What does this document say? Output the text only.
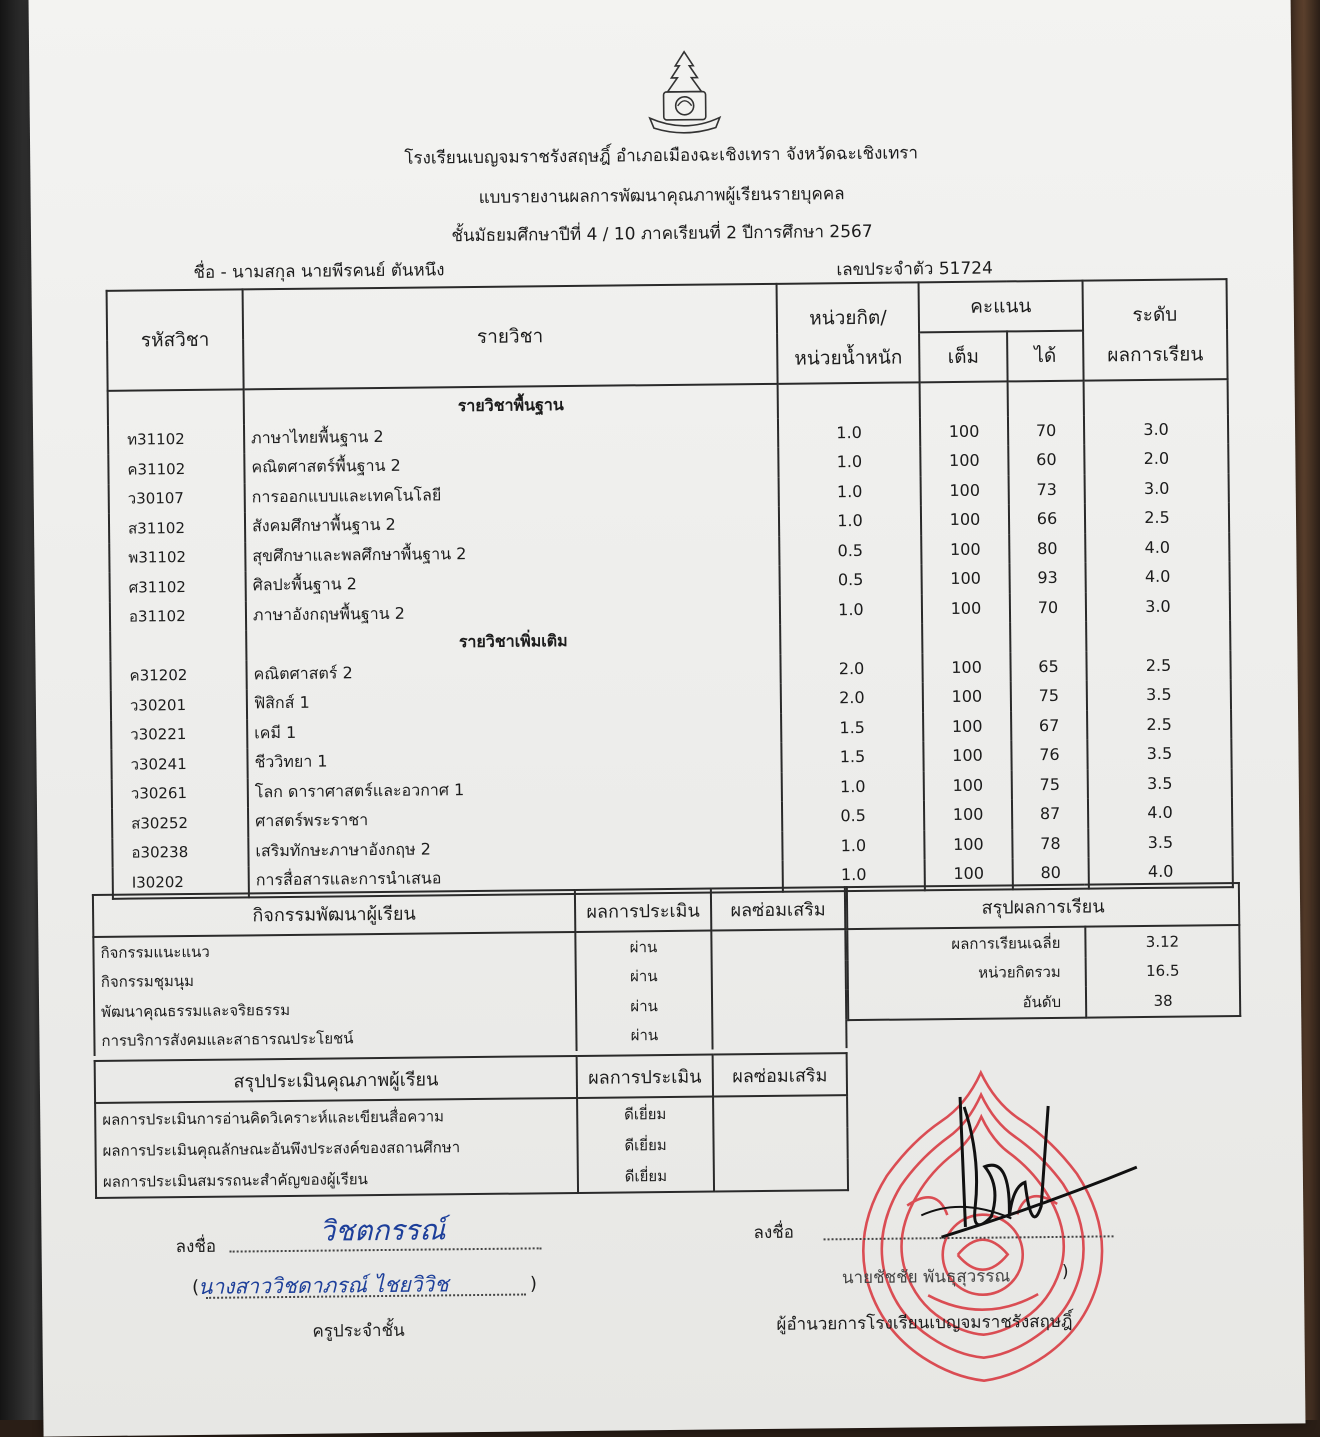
โรงเรียนเบญจมราชรังสฤษฎิ์ อำเภอเมืองฉะเชิงเทรา จังหวัดฉะเชิงเทรา
แบบรายงานผลการพัฒนาคุณภาพผู้เรียนรายบุคคล
ชั้นมัธยมศึกษาปีที่ 4 / 10 ภาคเรียนที่ 2 ปีการศึกษา 2567
ชื่อ - นามสกุล นายพีรคนย์ ตันหนึง	เลขประจำตัว 51724
รหัสวิชา	รายวิชา	หน่วยกิต/	คะแนน		ระดับ
		หน่วยน้ำหนัก	เต็ม	ได้	ผลการเรียน
	รายวิชาพื้นฐาน				
ท31102	ภาษาไทยพื้นฐาน 2	1.0	100	70	3.0
ค31102	คณิตศาสตร์พื้นฐาน 2	1.0	100	60	2.0
ว30107	การออกแบบและเทคโนโลยี	1.0	100	73	3.0
ส31102	สังคมศึกษาพื้นฐาน 2	1.0	100	66	2.5
พ31102	สุขศึกษาและพลศึกษาพื้นฐาน 2	0.5	100	80	4.0
ศ31102	ศิลปะพื้นฐาน 2	0.5	100	93	4.0
อ31102	ภาษาอังกฤษพื้นฐาน 2	1.0	100	70	3.0
	รายวิชาเพิ่มเติม				
ค31202	คณิตศาสตร์ 2	2.0	100	65	2.5
ว30201	ฟิสิกส์ 1	2.0	100	75	3.5
ว30221	เคมี 1	1.5	100	67	2.5
ว30241	ชีววิทยา 1	1.5	100	76	3.5
ว30261	โลก ดาราศาสตร์และอวกาศ 1	1.0	100	75	3.5
ส30252	ศาสตร์พระราชา	0.5	100	87	4.0
อ30238	เสริมทักษะภาษาอังกฤษ 2	1.0	100	78	3.5
I30202	การสื่อสารและการนำเสนอ	1.0	100	80	4.0
กิจกรรมพัฒนาผู้เรียน	ผลการประเมิน	ผลซ่อมเสริม
กิจกรรมแนะแนว	ผ่าน	
กิจกรรมชุมนุม	ผ่าน	
พัฒนาคุณธรรมและจริยธรรม	ผ่าน	
การบริการสังคมและสาธารณประโยชน์	ผ่าน	
สรุปผลการเรียน	
ผลการเรียนเฉลี่ย	3.12
หน่วยกิตรวม	16.5
อันดับ	38
สรุปประเมินคุณภาพผู้เรียน	ผลการประเมิน	ผลซ่อมเสริม
ผลการประเมินการอ่านคิดวิเคราะห์และเขียนสื่อความ	ดีเยี่ยม	
ผลการประเมินคุณลักษณะอันพึงประสงค์ของสถานศึกษา	ดีเยี่ยม	
ผลการประเมินสมรรถนะสำคัญของผู้เรียน	ดีเยี่ยม	
ลงชื่อ	วิชตกรรณ์
นางสาววิชดาภรณ์ ไชยวิวิช
(	)
ครูประจำชั้น
ลงชื่อ
นายชัชชัย พันธุสุวรรณ	)
ผู้อำนวยการโรงเรียนเบญจมราชรังสฤษฎิ์
